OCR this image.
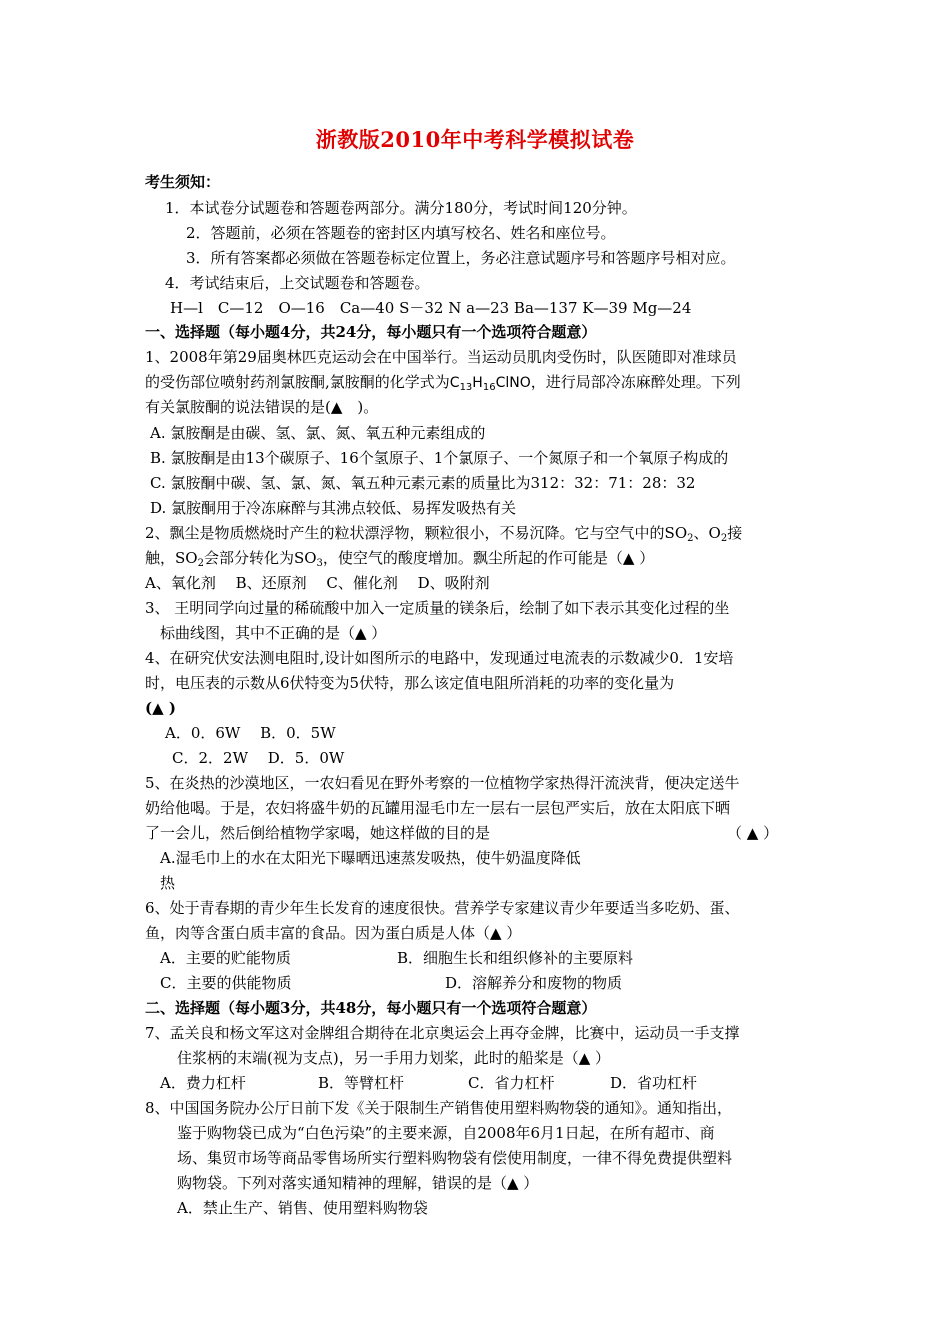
浙教版2010年中考科学模拟试卷
考生须知：
1．本试卷分试题卷和答题卷两部分。满分180分，考试时间120分钟。
2．答题前，必须在答题卷的密封区内填写校名、姓名和座位号。
3．所有答案都必须做在答题卷标定位置上，务必注意试题序号和答题序号相对应。
4．考试结束后，上交试题卷和答题卷。
H—l　C—12　O—16　Ca—40 S－32 N a—23 Ba—137 K—39 Mg—24
一、选择题（每小题4分，共24分，每小题只有一个选项符合题意）
1、2008年第29届奥林匹克运动会在中国举行。当运动员肌肉受伤时，队医随即对准球员
的受伤部位喷射药剂氯胺酮,氯胺酮的化学式为$C_{13}H_{16}ClNO$，进行局部冷冻麻醉处理。下列
有关氯胺酮的说法错误的是(▲　)。
A. 氯胺酮是由碳、氢、氯、氮、氧五种元素组成的
B. 氯胺酮是由13个碳原子、16个氢原子、1个氯原子、一个氮原子和一个氧原子构成的
C. 氯胺酮中碳、氢、氯、氮、氧五种元素元素的质量比为312：32：71：28：32
D. 氯胺酮用于冷冻麻醉与其沸点较低、易挥发吸热有关
2、飘尘是物质燃烧时产生的粒状漂浮物，颗粒很小，不易沉降。它与空气中的$SO_2$、$O_2$接
触，$SO_2$会部分转化为$SO_3$，使空气的酸度增加。飘尘所起的作可能是（▲ ）
A、氧化剂　 B、还原剂　 C、催化剂　 D、吸附剂
3、 王明同学向过量的稀硫酸中加入一定质量的镁条后，绘制了如下表示其变化过程的坐
标曲线图，其中不正确的是（▲ ）
4、在研究伏安法测电阻时,设计如图所示的电路中，发现通过电流表的示数减少0．1安培
时，电压表的示数从6伏特变为5伏特，那么该定值电阻所消耗的功率的变化量为
(▲ )
A．0．6W　 B．0．5W
C．2．2W　 D．5．0W
5、在炎热的沙漠地区，一农妇看见在野外考察的一位植物学家热得汗流浃背，便决定送牛
奶给他喝。于是，农妇将盛牛奶的瓦罐用湿毛巾左一层右一层包严实后，放在太阳底下晒
了一会儿，然后倒给植物学家喝，她这样做的目的是	（ ▲ ）
A.湿毛巾上的水在太阳光下曝晒迅速蒸发吸热，使牛奶温度降低
热
6、处于青春期的青少年生长发育的速度很快。营养学专家建议青少年要适当多吃奶、蛋、
鱼，肉等含蛋白质丰富的食品。因为蛋白质是人体（▲ ）
A．主要的贮能物质	B．细胞生长和组织修补的主要原料
C．主要的供能物质	D．溶解养分和废物的物质
二、选择题（每小题3分，共48分，每小题只有一个选项符合题意）
7、孟关良和杨文军这对金牌组合期待在北京奥运会上再夺金牌，比赛中，运动员一手支撑
住浆柄的末端(视为支点)，另一手用力划桨，此时的船桨是（▲ ）
A．费力杠杆	B．等臂杠杆	C．省力杠杆	D．省功杠杆
8、中国国务院办公厅日前下发《关于限制生产销售使用塑料购物袋的通知》。通知指出，
鉴于购物袋已成为“白色污染”的主要来源，自2008年6月1日起，在所有超市、商
场、集贸市场等商品零售场所实行塑料购物袋有偿使用制度，一律不得免费提供塑料
购物袋。下列对落实通知精神的理解，错误的是（▲ ）
A．禁止生产、销售、使用塑料购物袋
